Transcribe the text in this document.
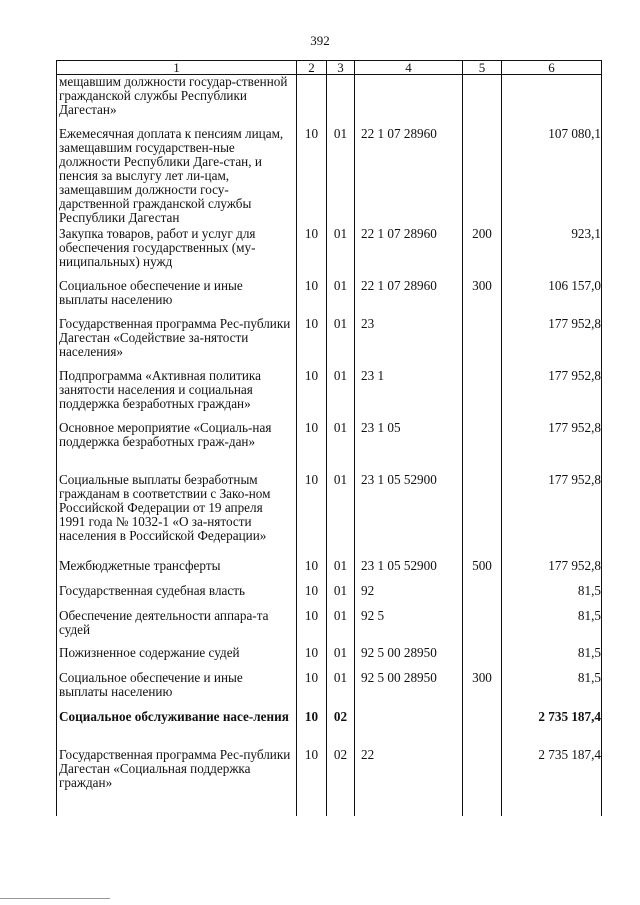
392
1	2	3	4	5	6
мещавшим должности государ-ственной гражданской службы Республики Дагестан»					
Ежемесячная доплата к пенсиям лицам, замещавшим государствен-ные должности Республики Даге-стан, и пенсия за выслугу лет ли-цам, замещавшим должности госу-дарственной гражданской службы Республики Дагестан	10	01	22 1 07 28960		107 080,1
Закупка товаров, работ и услуг для обеспечения государственных (му-ниципальных) нужд	10	01	22 1 07 28960	200	923,1
Социальное обеспечение и иные выплаты населению	10	01	22 1 07 28960	300	106 157,0
Государственная программа Рес-публики Дагестан «Содействие за-нятости населения»	10	01	23		177 952,8
Подпрограмма «Активная политика занятости населения и социальная поддержка безработных граждан»	10	01	23 1		177 952,8
Основное мероприятие «Социаль-ная поддержка безработных граж-дан»	10	01	23 1 05		177 952,8
Социальные выплаты безработным гражданам в соответствии с Зако-ном Российской Федерации от 19 апреля 1991 года № 1032-1 «О за-нятости населения в Российской Федерации»	10	01	23 1 05 52900		177 952,8
Межбюджетные трансферты	10	01	23 1 05 52900	500	177 952,8
Государственная судебная власть	10	01	92		81,5
Обеспечение деятельности аппара-та судей	10	01	92 5		81,5
Пожизненное содержание судей	10	01	92 5 00 28950		81,5
Социальное обеспечение и иные выплаты населению	10	01	92 5 00 28950	300	81,5
Социальное обслуживание насе-ления	10	02			2 735 187,4
Государственная программа Рес-публики Дагестан «Социальная поддержка граждан»	10	02	22		2 735 187,4
